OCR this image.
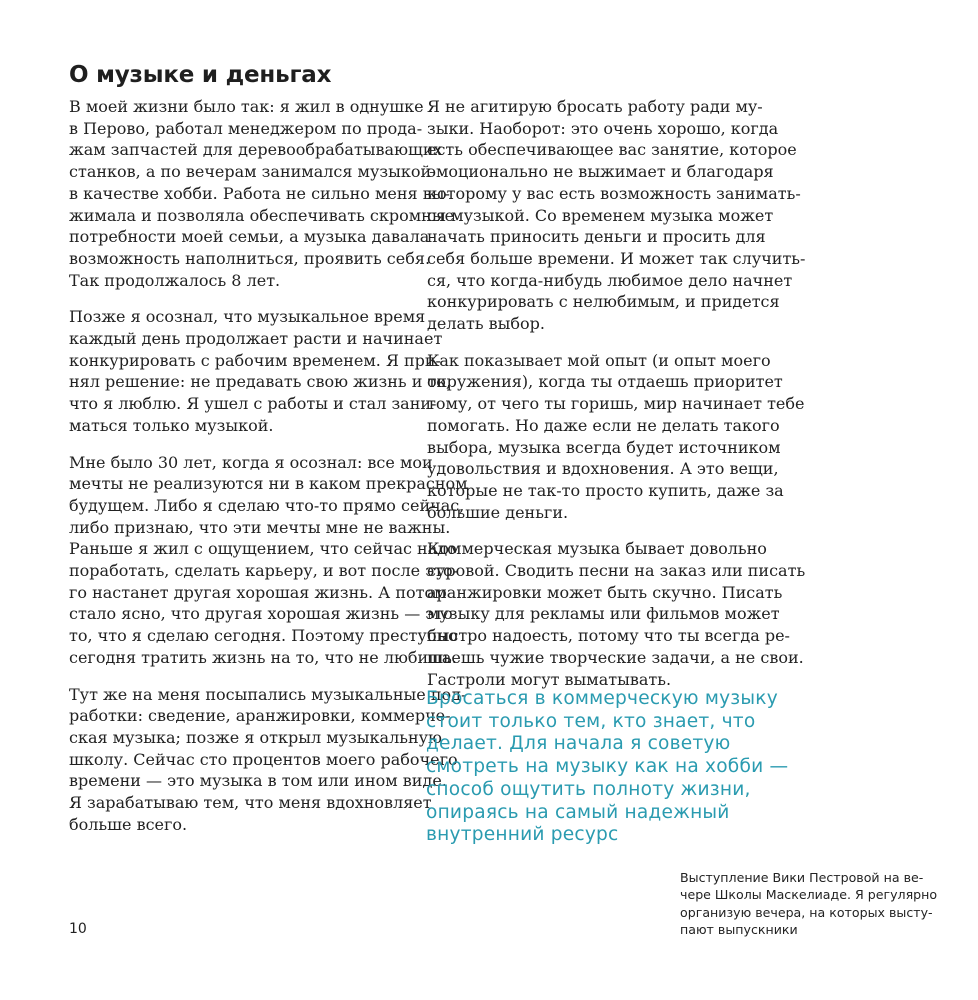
О музыке и деньгах

В моей жизни было так: я жил в однушке
в Перово, работал менеджером по прода-
жам запчастей для деревообрабатывающих
станков, а по вечерам занимался музыкой
в качестве хобби. Работа не сильно меня вы-
жимала и позволяла обеспечивать скромные
потребности моей семьи, а музыка давала
возможность наполниться, проявить себя.
Так продолжалось 8 лет.

Позже я осознал, что музыкальное время
каждый день продолжает расти и начинает
конкурировать с рабочим временем. Я при-
нял решение: не предавать свою жизнь и то,
что я люблю. Я ушел с работы и стал зани-
маться только музыкой.

Мне было 30 лет, когда я осознал: все мои
мечты не реализуются ни в каком прекрасном
будущем. Либо я сделаю что-то прямо сейчас,
либо признаю, что эти мечты мне не важны.
Раньше я жил с ощущением, что сейчас надо
поработать, сделать карьеру, и вот после это-
го настанет другая хорошая жизнь. А потом
стало ясно, что другая хорошая жизнь — это
то, что я сделаю сегодня. Поэтому преступно
сегодня тратить жизнь на то, что не любишь.

Тут же на меня посыпались музыкальные под-
работки: сведение, аранжировки, коммерче-
ская музыка; позже я открыл музыкальную
школу. Сейчас сто процентов моего рабочего
времени — это музыка в том или ином виде.
Я зарабатываю тем, что меня вдохновляет
больше всего.

Я не агитирую бросать работу ради му-
зыки. Наоборот: это очень хорошо, когда
есть обеспечивающее вас занятие, которое
эмоционально не выжимает и благодаря
которому у вас есть возможность занимать-
ся музыкой. Со временем музыка может
начать приносить деньги и просить для
себя больше времени. И может так случить-
ся, что когда-нибудь любимое дело начнет
конкурировать с нелюбимым, и придется
делать выбор.

Как показывает мой опыт (и опыт моего
окружения), когда ты отдаешь приоритет
тому, от чего ты горишь, мир начинает тебе
помогать. Но даже если не делать такого
выбора, музыка всегда будет источником
удовольствия и вдохновения. А это вещи,
которые не так-то просто купить, даже за
большие деньги.

Коммерческая музыка бывает довольно
суровой. Сводить песни на заказ или писать
аранжировки может быть скучно. Писать
музыку для рекламы или фильмов может
быстро надоесть, потому что ты всегда ре-
шаешь чужие творческие задачи, а не свои.
Гастроли могут выматывать.

Бросаться в коммерческую музыку
стоит только тем, кто знает, что
делает. Для начала я советую
смотреть на музыку как на хобби —
способ ощутить полноту жизни,
опираясь на самый надежный
внутренний ресурс
Выступление Вики Пестровой на ве-
чере Школы Маскелиаде. Я регулярно
организую вечера, на которых высту-
пают выпускники
10
